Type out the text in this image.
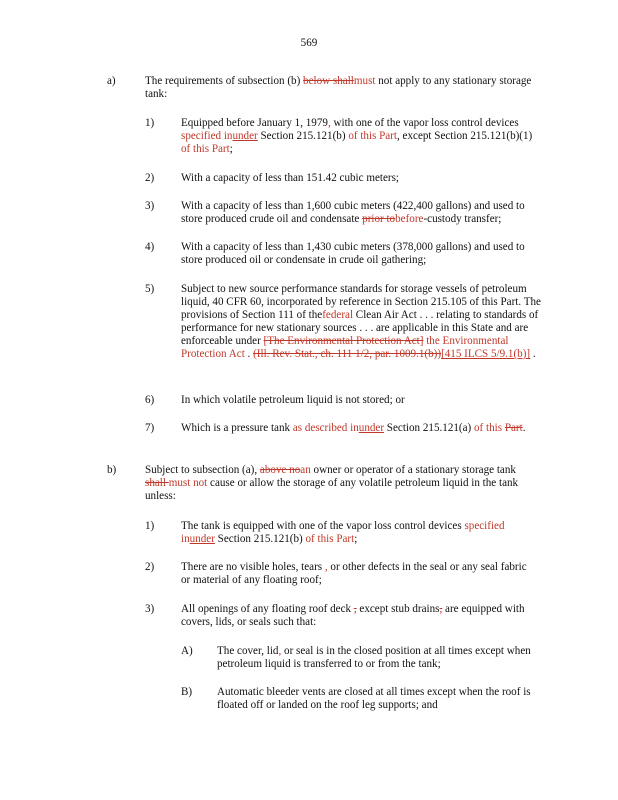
569
a)	The requirements of subsection (b) below shallmust not apply to any stationary storage tank:
1) Equipped before January 1, 1979, with one of the vapor loss control devices specified inunder Section 215.121(b) of this Part, except Section 215.121(b)(1) of this Part;
2) With a capacity of less than 151.42 cubic meters;
3) With a capacity of less than 1,600 cubic meters (422,400 gallons) and used to store produced crude oil and condensate prior tobefore-custody transfer;
4) With a capacity of less than 1,430 cubic meters (378,000 gallons) and used to store produced oil or condensate in crude oil gathering;
5) Subject to new source performance standards for storage vessels of petroleum liquid, 40 CFR 60, incorporated by reference in Section 215.105 of this Part. The provisions of Section 111 of thefederal Clean Air Act . . . relating to standards of performance for new stationary sources . . . are applicable in this State and are enforceable under [The Environmental Protection Act] the Environmental Protection Act . (Ill. Rev. Stat., ch. 111 1/2, par. 1009.1(b))[415 ILCS 5/9.1(b)] .
6) In which volatile petroleum liquid is not stored; or
7) Which is a pressure tank as described inunder Section 215.121(a) of this Part.
b)	Subject to subsection (a), above noan owner or operator of a stationary storage tank shall must not cause or allow the storage of any volatile petroleum liquid in the tank unless:
1) The tank is equipped with one of the vapor loss control devices specified inunder Section 215.121(b) of this Part;
2) There are no visible holes, tears , or other defects in the seal or any seal fabric or material of any floating roof;
3) All openings of any floating roof deck , except stub drains, are equipped with covers, lids, or seals such that:
A) The cover, lid, or seal is in the closed position at all times except when petroleum liquid is transferred to or from the tank;
B) Automatic bleeder vents are closed at all times except when the roof is floated off or landed on the roof leg supports; and
